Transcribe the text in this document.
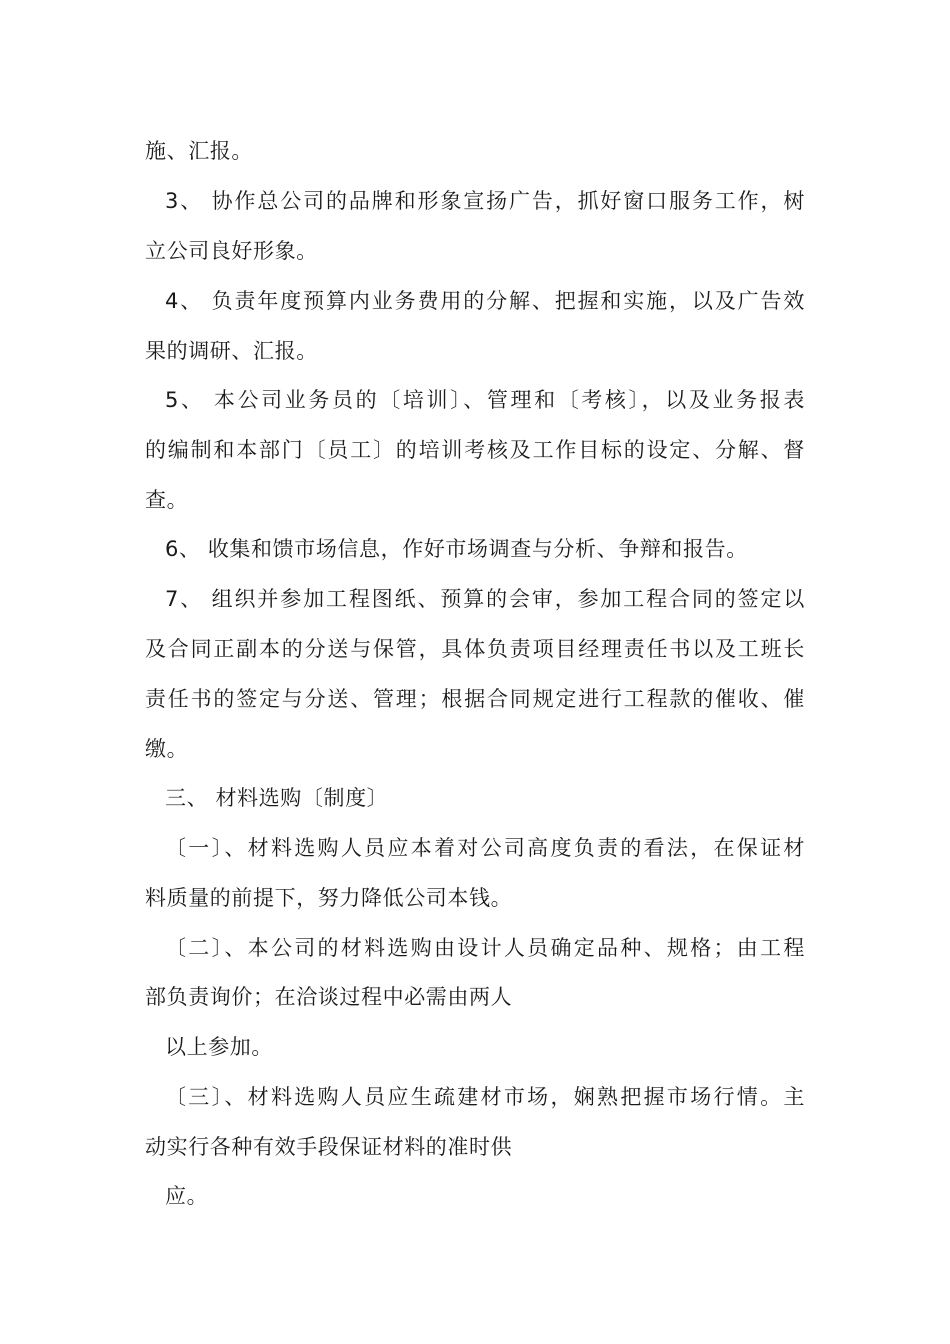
施、汇报。
3、 协作总公司的品牌和形象宣扬广告，抓好窗口服务工作，树
立公司良好形象。
4、 负责年度预算内业务费用的分解、把握和实施，以及广告效
果的调研、汇报。
5、 本公司业务员的〔培训〕、管理和〔考核〕，以及业务报表
的编制和本部门〔员工〕的培训考核及工作目标的设定、分解、督
查。
6、 收集和馈市场信息，作好市场调查与分析、争辩和报告。
7、 组织并参加工程图纸、预算的会审，参加工程合同的签定以
及合同正副本的分送与保管，具体负责项目经理责任书以及工班长
责任书的签定与分送、管理；根据合同规定进行工程款的催收、催
缴。
三、 材料选购〔制度〕
〔一〕、材料选购人员应本着对公司高度负责的看法，在保证材
料质量的前提下，努力降低公司本钱。
〔二〕、本公司的材料选购由设计人员确定品种、规格；由工程
部负责询价；在洽谈过程中必需由两人
以上参加。
〔三〕、材料选购人员应生疏建材市场，娴熟把握市场行情。主
动实行各种有效手段保证材料的准时供
应。
